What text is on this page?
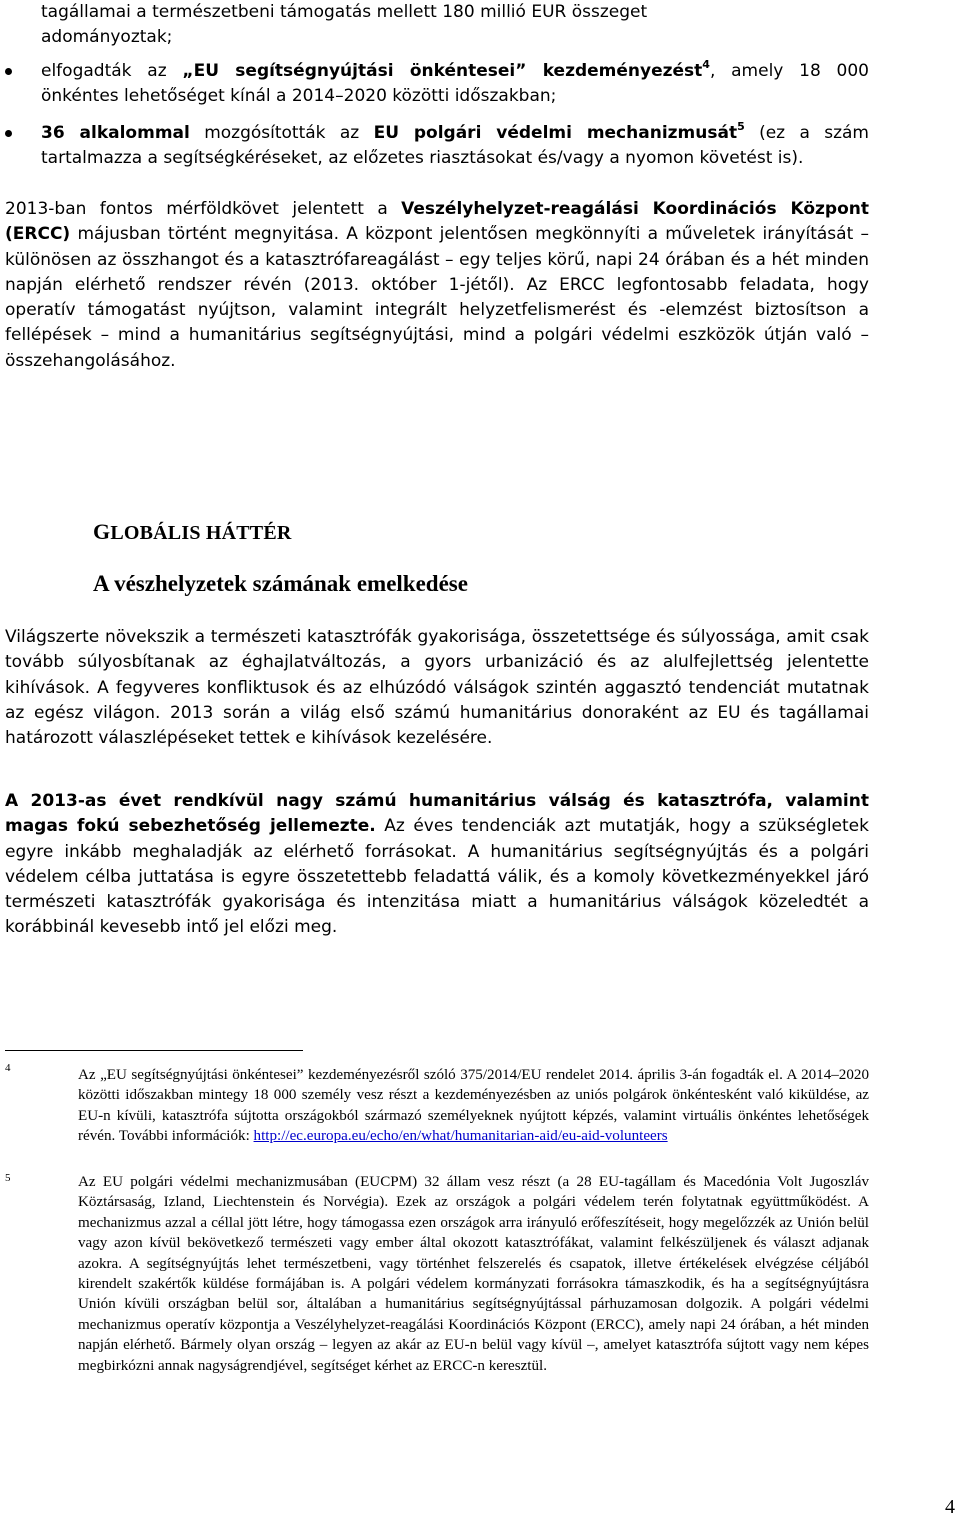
tagállamai a természetbeni támogatás mellett 180 millió EUR összeget
adományoztak;

elfogadták az „EU segítségnyújtási önkéntesei” kezdeményezést$^4$, amely 18 000 önkéntes lehetőséget kínál a 2014–2020 közötti időszakban;

36 alkalommal mozgósították az EU polgári védelmi mechanizmusát$^5$ (ez a szám tartalmazza a segítségkéréseket, az előzetes riasztásokat és/vagy a nyomon követést is).

2013-ban fontos mérföldkövet jelentett a Veszélyhelyzet-reagálási Koordinációs Központ (ERCC) májusban történt megnyitása. A központ jelentősen megkönnyíti a műveletek irányítását – különösen az összhangot és a katasztrófareagálást – egy teljes körű, napi 24 órában és a hét minden napján elérhető rendszer révén (2013. október 1-jétől). Az ERCC legfontosabb feladata, hogy operatív támogatást nyújtson, valamint integrált helyzetfelismerést és -elemzést biztosítson a fellépések – mind a humanitárius segítségnyújtási, mind a polgári védelmi eszközök útján való – összehangolásához.

GLOBÁLIS HÁTTÉR
A vészhelyzetek számának emelkedése

Világszerte növekszik a természeti katasztrófák gyakorisága, összetettsége és súlyossága, amit csak tovább súlyosbítanak az éghajlatváltozás, a gyors urbanizáció és az alulfejlettség jelentette kihívások. A fegyveres konfliktusok és az elhúzódó válságok szintén aggasztó tendenciát mutatnak az egész világon. 2013 során a világ első számú humanitárius donoraként az EU és tagállamai határozott válaszlépéseket tettek e kihívások kezelésére.

A 2013-as évet rendkívül nagy számú humanitárius válság és katasztrófa, valamint magas fokú sebezhetőség jellemezte. Az éves tendenciák azt mutatják, hogy a szükségletek egyre inkább meghaladják az elérhető forrásokat. A humanitárius segítségnyújtás és a polgári védelem célba juttatása is egyre összetettebb feladattá válik, és a komoly következményekkel járó természeti katasztrófák gyakorisága és intenzitása miatt a humanitárius válságok közeledtét a korábbinál kevesebb intő jel előzi meg.

4	Az „EU segítségnyújtási önkéntesei” kezdeményezésről szóló 375/2014/EU rendelet 2014. április 3-án fogadták el. A 2014–2020 közötti időszakban mintegy 18 000 személy vesz részt a kezdeményezésben az uniós polgárok önkéntesként való kiküldése, az EU-n kívüli, katasztrófa sújtotta országokból származó személyeknek nyújtott képzés, valamint virtuális önkéntes lehetőségek révén. További információk: http://ec.europa.eu/echo/en/what/humanitarian-aid/eu-aid-volunteers

5	Az EU polgári védelmi mechanizmusában (EUCPM) 32 állam vesz részt (a 28 EU-tagállam és Macedónia Volt Jugoszláv Köztársaság, Izland, Liechtenstein és Norvégia). Ezek az országok a polgári védelem terén folytatnak együttműködést. A mechanizmus azzal a céllal jött létre, hogy támogassa ezen országok arra irányuló erőfeszítéseit, hogy megelőzzék az Unión belül vagy azon kívül bekövetkező természeti vagy ember által okozott katasztrófákat, valamint felkészüljenek és választ adjanak azokra. A segítségnyújtás lehet természetbeni, vagy történhet felszerelés és csapatok, illetve értékelések elvégzése céljából kirendelt szakértők küldése formájában is. A polgári védelem kormányzati forrásokra támaszkodik, és ha a segítségnyújtásra Unión kívüli országban belül sor, általában a humanitárius segítségnyújtással párhuzamosan dolgozik. A polgári védelmi mechanizmus operatív központja a Veszélyhelyzet-reagálási Koordinációs Központ (ERCC), amely napi 24 órában, a hét minden napján elérhető. Bármely olyan ország – legyen az akár az EU-n belül vagy kívül –, amelyet katasztrófa sújtott vagy nem képes megbirkózni annak nagyságrendjével, segítséget kérhet az ERCC-n keresztül.

4
